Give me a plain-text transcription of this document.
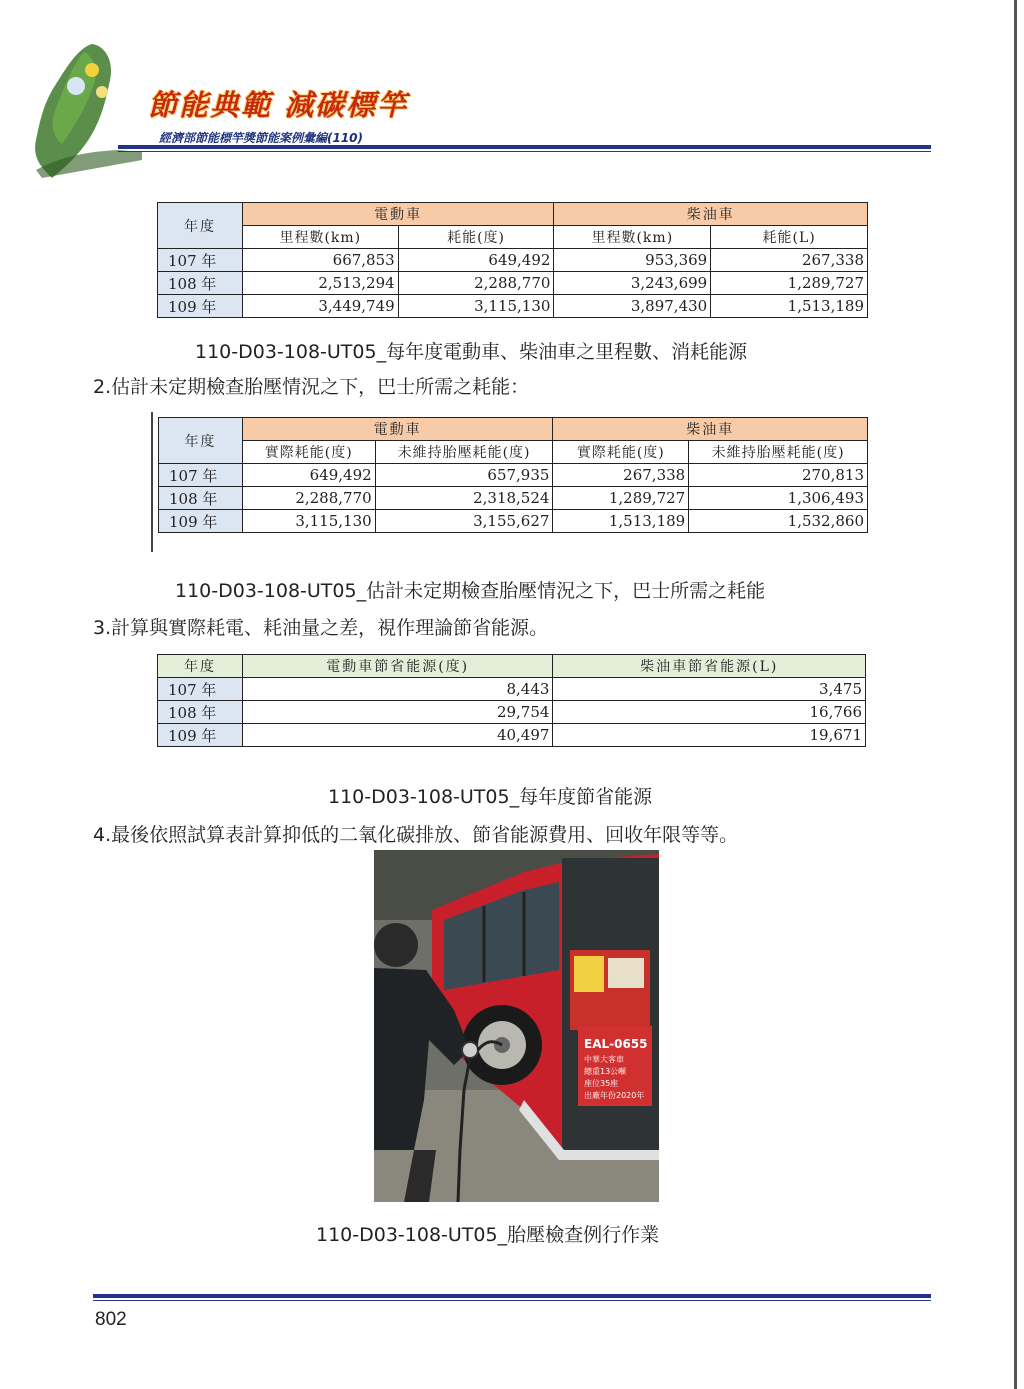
節能典範 減碳標竿
經濟部節能標竿獎節能案例彙編(110)
年度	電動車		柴油車	
	里程數(km)	耗能(度)	里程數(km)	耗能(L)
107 年	667,853	649,492	953,369	267,338
108 年	2,513,294	2,288,770	3,243,699	1,289,727
109 年	3,449,749	3,115,130	3,897,430	1,513,189
110-D03-108-UT05_每年度電動車、柴油車之里程數、消耗能源
2.估計未定期檢查胎壓情況之下，巴士所需之耗能：
年度	電動車		柴油車	
	實際耗能(度)	未維持胎壓耗能(度)	實際耗能(度)	未維持胎壓耗能(度)
107 年	649,492	657,935	267,338	270,813
108 年	2,288,770	2,318,524	1,289,727	1,306,493
109 年	3,115,130	3,155,627	1,513,189	1,532,860
110-D03-108-UT05_估計未定期檢查胎壓情況之下，巴士所需之耗能
3.計算與實際耗電、耗油量之差，視作理論節省能源。
年度	電動車節省能源(度)	柴油車節省能源(L)
107 年	8,443	3,475
108 年	29,754	16,766
109 年	40,497	19,671
110-D03-108-UT05_每年度節省能源
4.最後依照試算表計算抑低的二氧化碳排放、節省能源費用、回收年限等等。
EAL-0655
中華大客車
總重13公噸
座位35座
出廠年份2020年
110-D03-108-UT05_胎壓檢查例行作業
802
